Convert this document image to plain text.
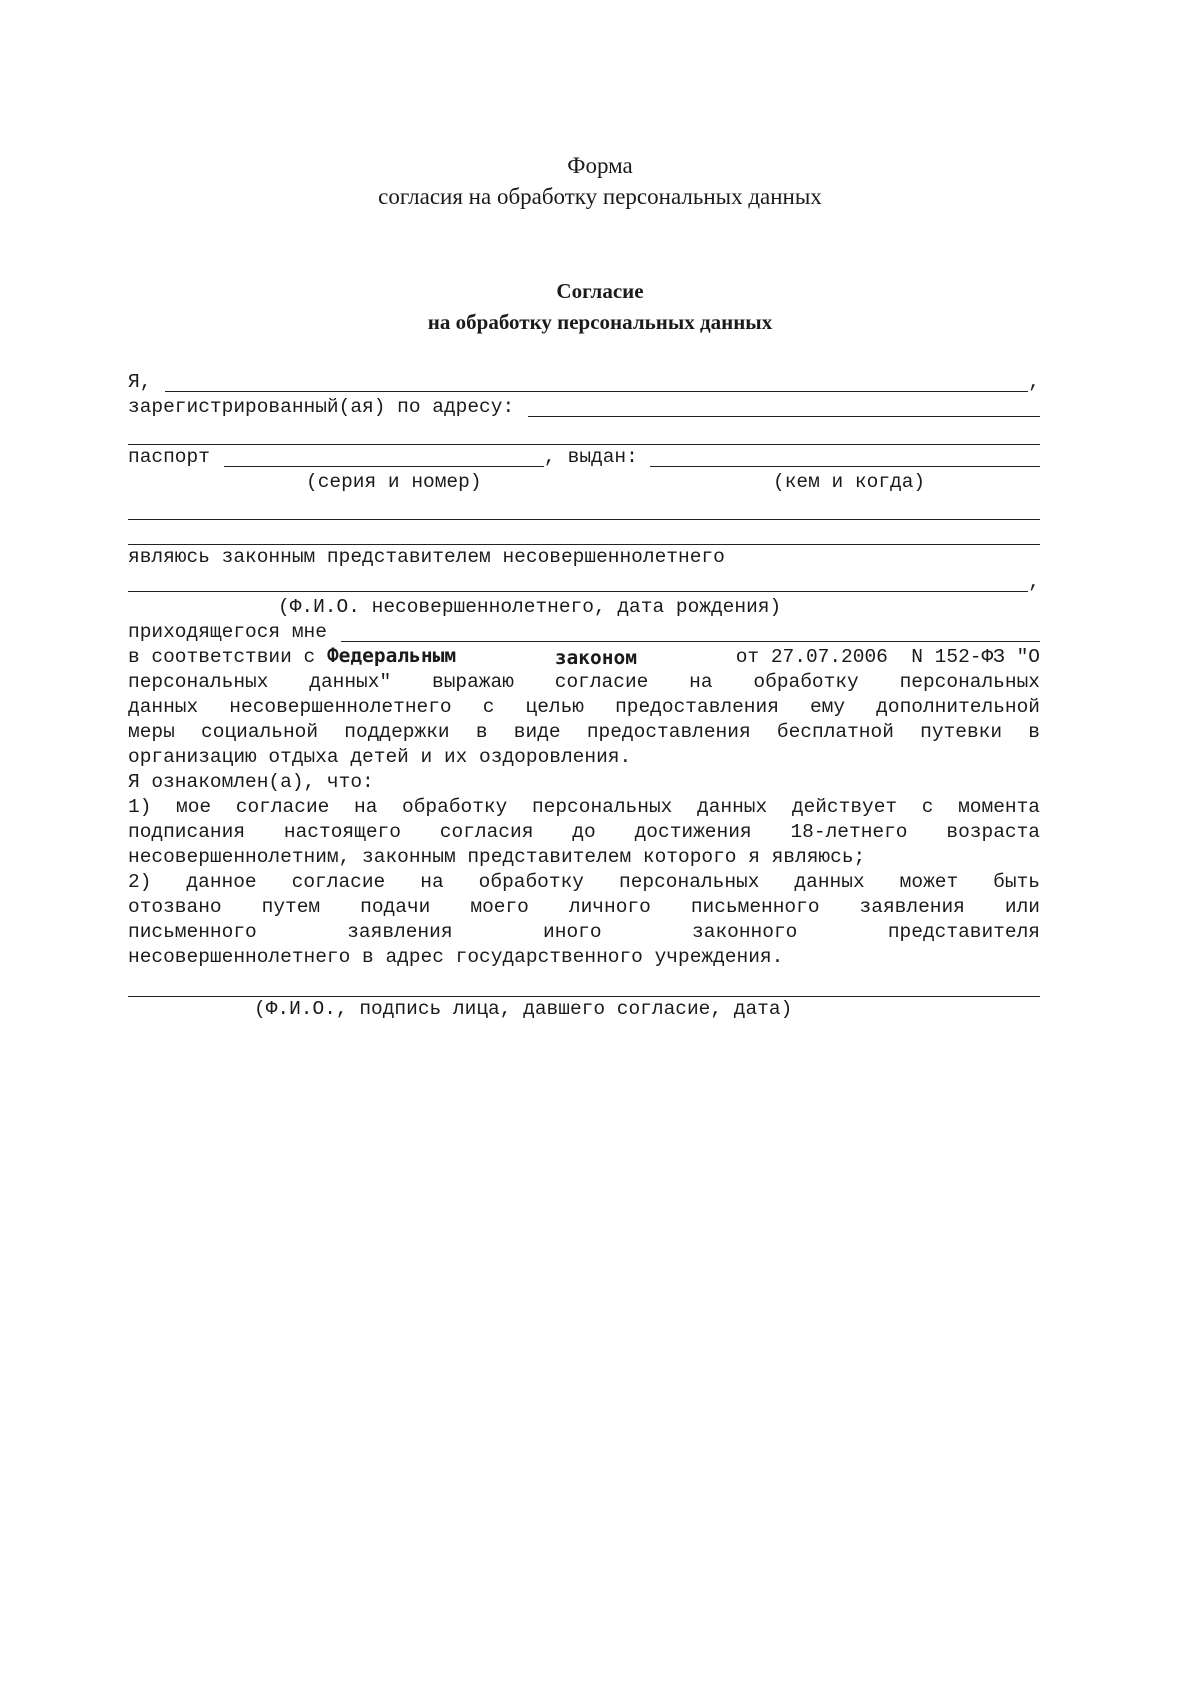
Форма
согласия на обработку персональных данных
Согласие
на обработку персональных данных
Я,	,
зарегистрированный(ая) по адресу:
паспорт	, выдан:

(серия и номер)

	(кем и когда)

являюсь законным представителем несовершеннолетнего
,

(Ф.И.О. несовершеннолетнего, дата рождения)

приходящегося мне
в соответствии с Федеральным	законом	от 27.07.2006  N 152-ФЗ "О
персональных данных" выражаю согласие на обработку персональных
данных несовершеннолетнего с целью предоставления ему дополнительной
меры социальной поддержки в виде предоставления бесплатной путевки в
организацию отдыха детей и их оздоровления.
Я ознакомлен(а), что:
1) мое согласие на обработку персональных данных действует с момента
подписания настоящего согласия до достижения 18-летнего возраста
несовершеннолетним, законным представителем которого я являюсь;
2) данное согласие на обработку персональных данных может быть
отозвано путем подачи моего личного письменного заявления или
письменного заявления иного законного представителя
несовершеннолетнего в адрес государственного учреждения.
(Ф.И.О., подпись лица, давшего согласие, дата)
